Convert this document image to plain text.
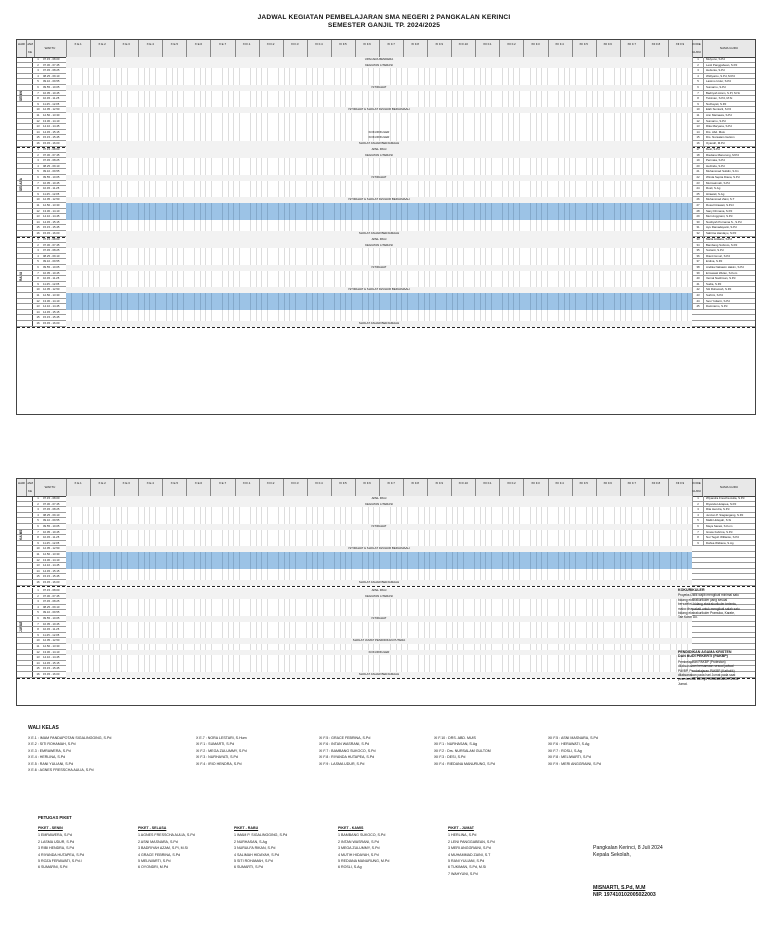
JADWAL KEGIATAN PEMBELAJARAN SMA NEGERI 2 PANGKALAN KERINCI
SEMESTER GANJIL TP. 2024/2025
HARI JAM KE
WAKTU
X E.1	X E.2	X E.3	X E.4	X E.5	X E.6	X E.7	XI F.1	XI F.2	XI F.3	XI F.4	XI F.5	XI F.6	XI F.7	XI F.8	XI F.9	XI F.10	XII F.1	XII F.2	XII F.3	XII F.4	XII F.5	XII F.6	XII F.7	XII F.8	XII F.9	KODE GURU
NAMA GURU
SENIN
1	07.15 - 08.00	UPACARA BENDERA	1	Mulyono, S.Pd
2	07.30 - 07.45	KEGIATAN LITERASI	2	Lesti Panggabean, S.Pd
3	07.45 - 08.25	3	Herlenia, S.Pd
4	08.25 - 09.10	4	Widiyanto, S.Pd, M.Pd
5	09.10 - 09.55	5	Lastmo Ustur, S.Pd
6	09.55 - 10.05	ISTIRAHAT	6	Sumarno, S.Pd
7	10.05 - 10.45	7	Badriyah Azam, S.PI, M.Si
8	10.45 - 11.25	8	Tukiman, S.Pd, M.Si
9	11.25 - 12.05	9	Nurhayati, S.Pd
10	12.05 - 12.50	ISTIRAHAT & SHOLAT DZUHUR BERJAMAAH	10	Elah Sumiarti, S.Pd
11	12.50 - 13.30	11	Ann Marnawa, S.Pd
12	13.30 - 14.10	12	Sumarno, S.Pd
13	14.10 - 14.45	13	Rika Maryana, S.Pd
14	14.45 - 15.15	KOKURIKULER	14	Drs. Abd. Muis
15	15.15 - 15.45	KOKURIKULER	15	Drs. Nursalam Gultom
16	15.45 - 16.00	SHOLAT ASHAR BERJAMAAH	16	Oyandri, M.Pd
SELASA
1	07.15 - 08.00	APEL PAGI	17	Desi, S.Pd
2	07.30 - 07.45	KEGIATAN LITERASI	18	Riedana Manurung, M.Pd
3	07.45 - 08.25	19	Permata, S.Pd
4	08.25 - 09.10	20	Herlinda, S.Pd
5	09.10 - 09.55	21	Muhammad Sulidin, S.Kn
6	09.55 - 10.05	ISTIRAHAT	22	Winda Septia Diana, S.Pd
7	10.05 - 10.45	23	Mutmainnah, S.Pd
8	10.45 - 11.25	24	Rosli, S.Ag
9	11.25 - 12.05	25	Hirawati, S.Ag
10	12.05 - 12.50	ISTIRAHAT & SHOLAT DZUHUR BERJAMAAH	26	Muhammad Zaini, S.T
11	12.50 - 13.30	27	Rosa Fitrawati, S.Pd.I
12	13.30 - 14.10	28	Sany Dirmana, S.Pd
13	14.10 - 14.45	29	Meri Anggraini, S.Pd
14	14.45 - 15.15	30	Nurdiyah Purnama S., S.Pd
15	15.15 - 15.45	31	Ayu Ramadayanti, S.Pd
16	15.45 - 16.00	SHOLAT ASHAR BERJAMAAH	32	Sabrina Handayu, S.Pd
RABU
1	07.15 - 08.00	APEL PAGI	33	Maria Ardiana, S.Pd
2	07.30 - 07.45	KEGIATAN LITERASI	34	Bambang Subroto, S.Pd
3	07.45 - 08.25	35	Suzanti, S.Pd
4	08.25 - 09.10	36	Rianti Ismuri, S.Pd
5	09.10 - 09.55	37	Erdina, S.Pd
6	09.55 - 10.05	ISTIRAHAT	38	Andika Nabawin Hakim, S.Pd
7	10.05 - 10.45	39	Ermawati Wulan, S.Kom
8	10.45 - 11.25	40	Vernal Nadirman, S.Pd
9	11.25 - 12.05	41	Sudia, S.Pd
10	12.05 - 12.50	ISTIRAHAT & SHOLAT DZUHUR BERJAMAAH	42	Siti Rohamah, S.Pd
11	12.50 - 13.30	43	Surbini, S.Pd
12	13.30 - 14.10	44	Sevi Yuliarni, S.Pd
13	14.10 - 14.45	45	Darmiarno, S.Pd
14	14.45 - 15.15
15	15.15 - 15.45
16	15.45 - 16.00	SHOLAT ASHAR BERJAMAAH
HARI JAM KE
WAKTU
X E.1	X E.2	X E.3	X E.4	X E.5	X E.6	X E.7	XI F.1	XI F.2	XI F.3	XI F.4	XI F.5	XI F.6	XI F.7	XI F.8	XI F.9	XI F.10	XII F.1	XII F.2	XII F.3	XII F.4	XII F.5	XII F.6	XII F.7	XII F.8	XII F.9	KODE GURU
NAMA GURU
KAMIS
1	07.15 - 08.00	APEL PAGI	1	Wiyandra Frescha Aulia, S.Pd
2	07.30 - 07.45	KEGIATAN LITERASI	2	Riyanda Hutapea, S.Pd
3	07.45 - 08.25	3	Rita Hendra, S.Pd
4	08.25 - 09.10	4	Jenzan P. Siagiangang, S.Pd
5	09.10 - 09.55	5	Malik Hidayah, S.Si
6	09.55 - 10.05	ISTIRAHAT	6	Maya Sarasi, S.Kom
7	10.05 - 10.45	7	Grace Febrina, S.Pd
8	10.45 - 11.25	8	Nur Tegoh Willianto, S.Pd
9	11.25 - 12.05	9	Dahsa Widiana, S.Ag
10	12.05 - 12.50	ISTIRAHAT & SHOLAT DZUHUR BERJAMAAH
11	12.50 - 13.30
12	13.30 - 14.10
13	14.10 - 14.45
14	14.45 - 15.15
15	15.15 - 15.45
16	15.45 - 16.00	SHOLAT ASHAR BERJAMAAH
JUMAT
1	07.15 - 08.00	APEL PAGI
2	07.30 - 07.45	KEGIATAN LITERASI
3	07.45 - 08.25
4	08.25 - 09.10
5	09.10 - 09.55
6	09.55 - 10.05	ISTIRAHAT
7	10.05 - 10.45
8	10.45 - 11.25
9	11.25 - 12.05
10	12.05 - 12.50	SHOLAT JUMAT PENDIDIKAN PUTERA
11	12.50 - 13.30
12	13.30 - 14.10	KOKURIKULER
13	14.10 - 14.45
14	14.45 - 15.15
15	15.15 - 15.45
16	15.45 - 16.00	SHOLAT ASHAR BERJAMAAH
KOKURIKULER
Proyeks Didik wajib mengikuti minimal satu bidang ekstrakurikuler yang sesuai bersaleksi bidang ekstrakurikuler tertentu, maka disepakati untuk mengikuti salah satu bidang ekstrakurikuler Pramuka, Karate, Tae Kwon Do.
PENDIDIKAN AGAMA KRISTEN DAN BUDI PEKERTI (PAKBP)
Pembelajaran PAKBP (Protestan) dilaksanakan bersamaan sesuai jadwal PAI/BP, Pembelajaran PAKBP (Katholik) dilaksanakan pada hari Jumat pada saat peserta didik lainnya melaksanakan Sholat Jumat.
WALI KELAS
X E.1 : IMAM PANDAPOTAN SIGALINGGING, S.Pd
X E.2 : SITI ROHAMAH, S.Pd
X E.3 : EMRAWERA, S.Pd
X E.4 : HERLINA, S.Pd
X E.5 : RANI YULIANI, S.Pd
X E.6 : AGNES FRESSCHA AULIA, S.Pd
X E.7 : NORA LESTARI, S.Hum
XI F.1 : SUMARTI, S.Pd
XI F.2 : MEGA ZULUMMY, S.Pd
XI F.3 : NURHAYATI, S.Pd
XI F.4 : IRIO HENDRA, S.Pd
XI F.5 : GRACE FEBRINA, S.Pd
XI F.6 : INTAN WASRANI, S.Pd
XI F.7 : BAMBANG SUKOCO, S.Pd
XI F.8 : RIYANDA HUTAPEA, S.Pd
XI F.9 : LASMA UDUR, S.Pd
XI F.10 : DRS. ABD. MUIS
XII F.1 : NURHASAN, S.Ag
XII F.2 : Drs. NURSALAM GULTOM
XII F.3 : DESI, S.Pd
XII F.4 : RIEDANA MANURUNG, S.Pd
XII F.5 : ASNI MASNARA, S.Pd
XII F.6 : HERAWATI, S.Ag
XII F.7 : ROSLI, S.Ag
XII F.8 : MELIWARTI, S.Pd
XII F.9 : MERI ANGGRAINI, S.Pd
PETUGAS PIKET
PIKET - SENIN
1 EMRAWERA, S.Pd
2 LASMA UDUR, S.Pd
3 RIBI HENDRA, S.Pd
4 RIYANDA HUTAPEA, S.Pd
5 ROZA FERAWATI, S.Pd.I
6 SUMARNI, S.Pd
PIKET - SELASA
1 AGNES FRESSCHA AULIA, S.Pd
2 ASNI MASNARA, S.Pd
3 BADRIYAH AZAM, S.PI, M.Si
4 GRACE FEBRINA, S.Pd
5 MELIWARTI, S.Pd
6 OYONDRI, M.Pd
PIKET - RABU
1 IMAM P. SIGALINGGING, S.Pd
2 NURHASAN, S.Ag
3 NURULFA RIKAN, S.Pd
4 SALIMAH HIDAYAH, S.Pd
5 SITI ROHAMAH, S.Pd
6 SUMARTI, S.Pd
PIKET - KAMIS
1 BAMBANG SUKOCO, S.Pd
2 INTAN WASRANI, S.Pd
3 MEGA ZULUMMY, S.Pd
4 MUTIH HIDAYAH, S.Pd
5 REDIANA MANURUNG, M.Pd
6 ROSLI, S.Ag
PIKET - JUMAT
1 HERLINA, S.Pd
2 LENI PANGGABEAN, S.Pd
3 MERI ANGGRAINI, S.Pd
4 MUHAMMAD ZAINI, S.T
5 RANI YULIANI, S.Pd
6 TUKIMAN, S.Pd, M.Si
7 WAHYUNI, S.Pd
Pangkalan Kerinci, 8 Juli 2024
Kepala Sekolah,
MISNARTI, S.Pd, M.M
NIP. 197410102005022003
